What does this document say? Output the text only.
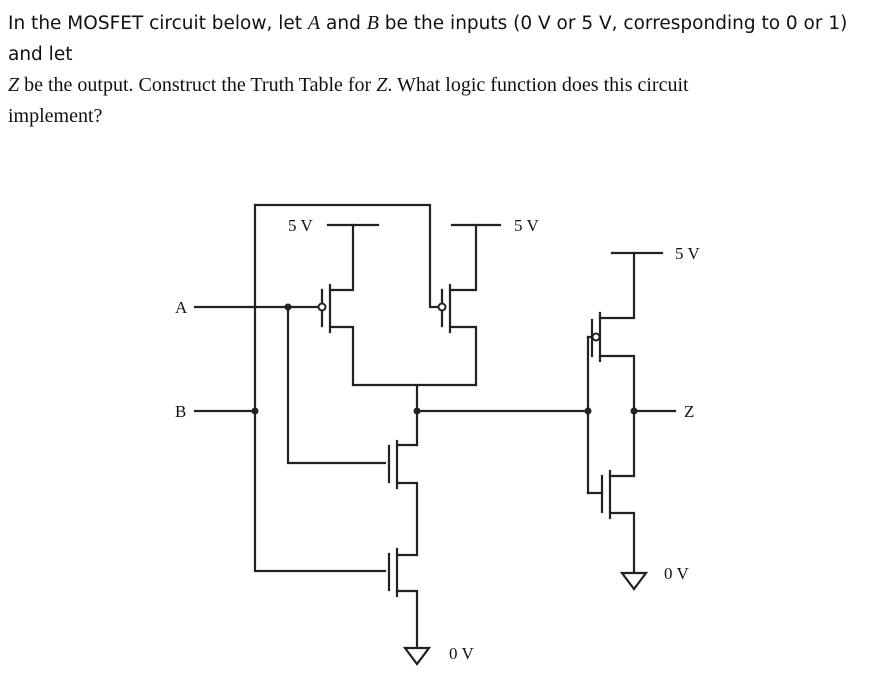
In the MOSFET circuit below, let A and B be the inputs (0 V or 5 V, corresponding to 0 or 1) and let
Z be the output. Construct the Truth Table for Z. What logic function does this circuit
implement?
A
B	Z
5 V	5 V
5 V
0 V
0 V
